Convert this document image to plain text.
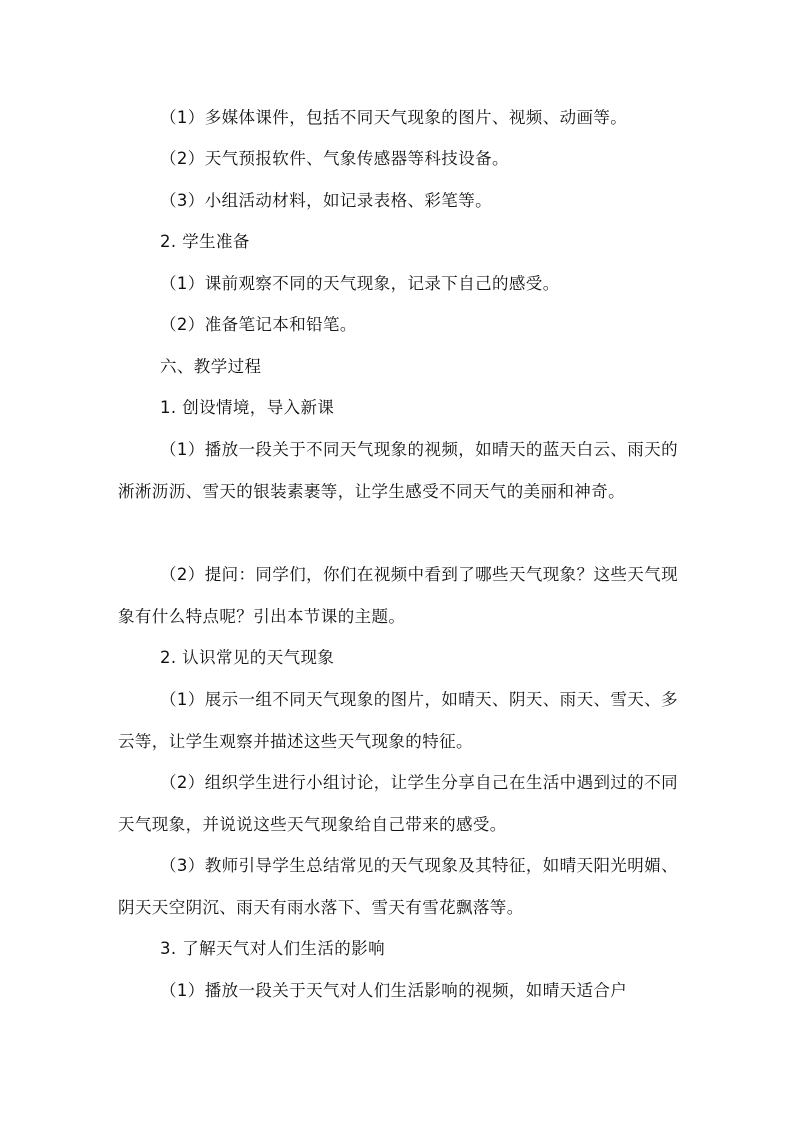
（1）多媒体课件，包括不同天气现象的图片、视频、动画等。

（2）天气预报软件、气象传感器等科技设备。

（3）小组活动材料，如记录表格、彩笔等。

2. 学生准备

（1）课前观察不同的天气现象，记录下自己的感受。

（2）准备笔记本和铅笔。

六、教学过程

1. 创设情境，导入新课

（1）播放一段关于不同天气现象的视频，如晴天的蓝天白云、雨天的淅淅沥沥、雪天的银装素裹等，让学生感受不同天气的美丽和神奇。

（2）提问：同学们，你们在视频中看到了哪些天气现象？这些天气现象有什么特点呢？引出本节课的主题。

2. 认识常见的天气现象

（1）展示一组不同天气现象的图片，如晴天、阴天、雨天、雪天、多云等，让学生观察并描述这些天气现象的特征。

（2）组织学生进行小组讨论，让学生分享自己在生活中遇到过的不同天气现象，并说说这些天气现象给自己带来的感受。

（3）教师引导学生总结常见的天气现象及其特征，如晴天阳光明媚、阴天天空阴沉、雨天有雨水落下、雪天有雪花飘落等。

3. 了解天气对人们生活的影响

（1）播放一段关于天气对人们生活影响的视频，如晴天适合户
